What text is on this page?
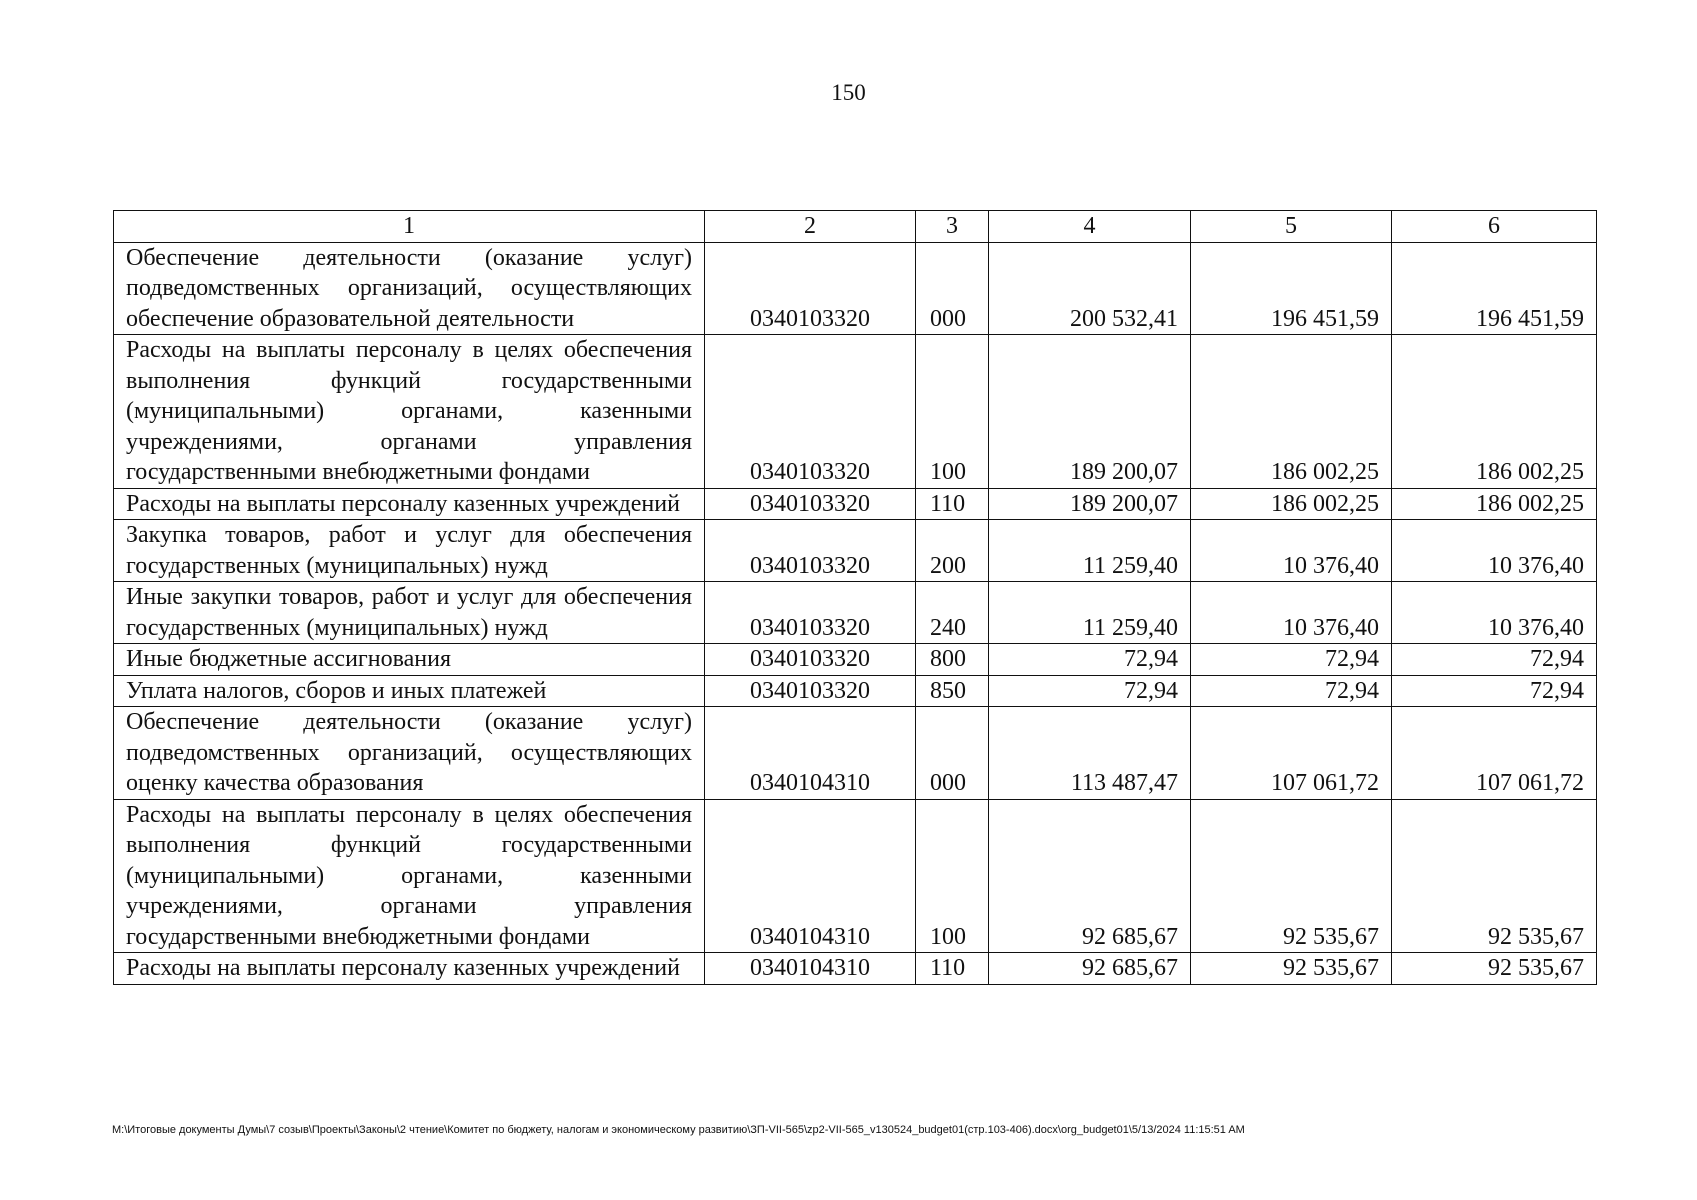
150
1	2	3	4	5	6
Обеспечение деятельности (оказание услуг) подведомственных организаций, осуществляющих обеспечение образовательной деятельности	0340103320	000	200 532,41	196 451,59	196 451,59
Расходы на выплаты персоналу в целях обеспечения выполнения функций государственными (муниципальными) органами, казенными учреждениями, органами управления государственными внебюджетными фондами	0340103320	100	189 200,07	186 002,25	186 002,25
Расходы на выплаты персоналу казенных учреждений	0340103320	110	189 200,07	186 002,25	186 002,25
Закупка товаров, работ и услуг для обеспечения государственных (муниципальных) нужд	0340103320	200	11 259,40	10 376,40	10 376,40
Иные закупки товаров, работ и услуг для обеспечения государственных (муниципальных) нужд	0340103320	240	11 259,40	10 376,40	10 376,40
Иные бюджетные ассигнования	0340103320	800	72,94	72,94	72,94
Уплата налогов, сборов и иных платежей	0340103320	850	72,94	72,94	72,94
Обеспечение деятельности (оказание услуг) подведомственных организаций, осуществляющих оценку качества образования	0340104310	000	113 487,47	107 061,72	107 061,72
Расходы на выплаты персоналу в целях обеспечения выполнения функций государственными (муниципальными) органами, казенными учреждениями, органами управления государственными внебюджетными фондами	0340104310	100	92 685,67	92 535,67	92 535,67
Расходы на выплаты персоналу казенных учреждений	0340104310	110	92 685,67	92 535,67	92 535,67
M:\Итоговые документы Думы\7 созыв\Проекты\Законы\2 чтение\Комитет по бюджету, налогам и экономическому развитию\ЗП-VII-565\zp2-VII-565_v130524_budget01(стр.103-406).docx\org_budget01\5/13/2024 11:15:51 AM
